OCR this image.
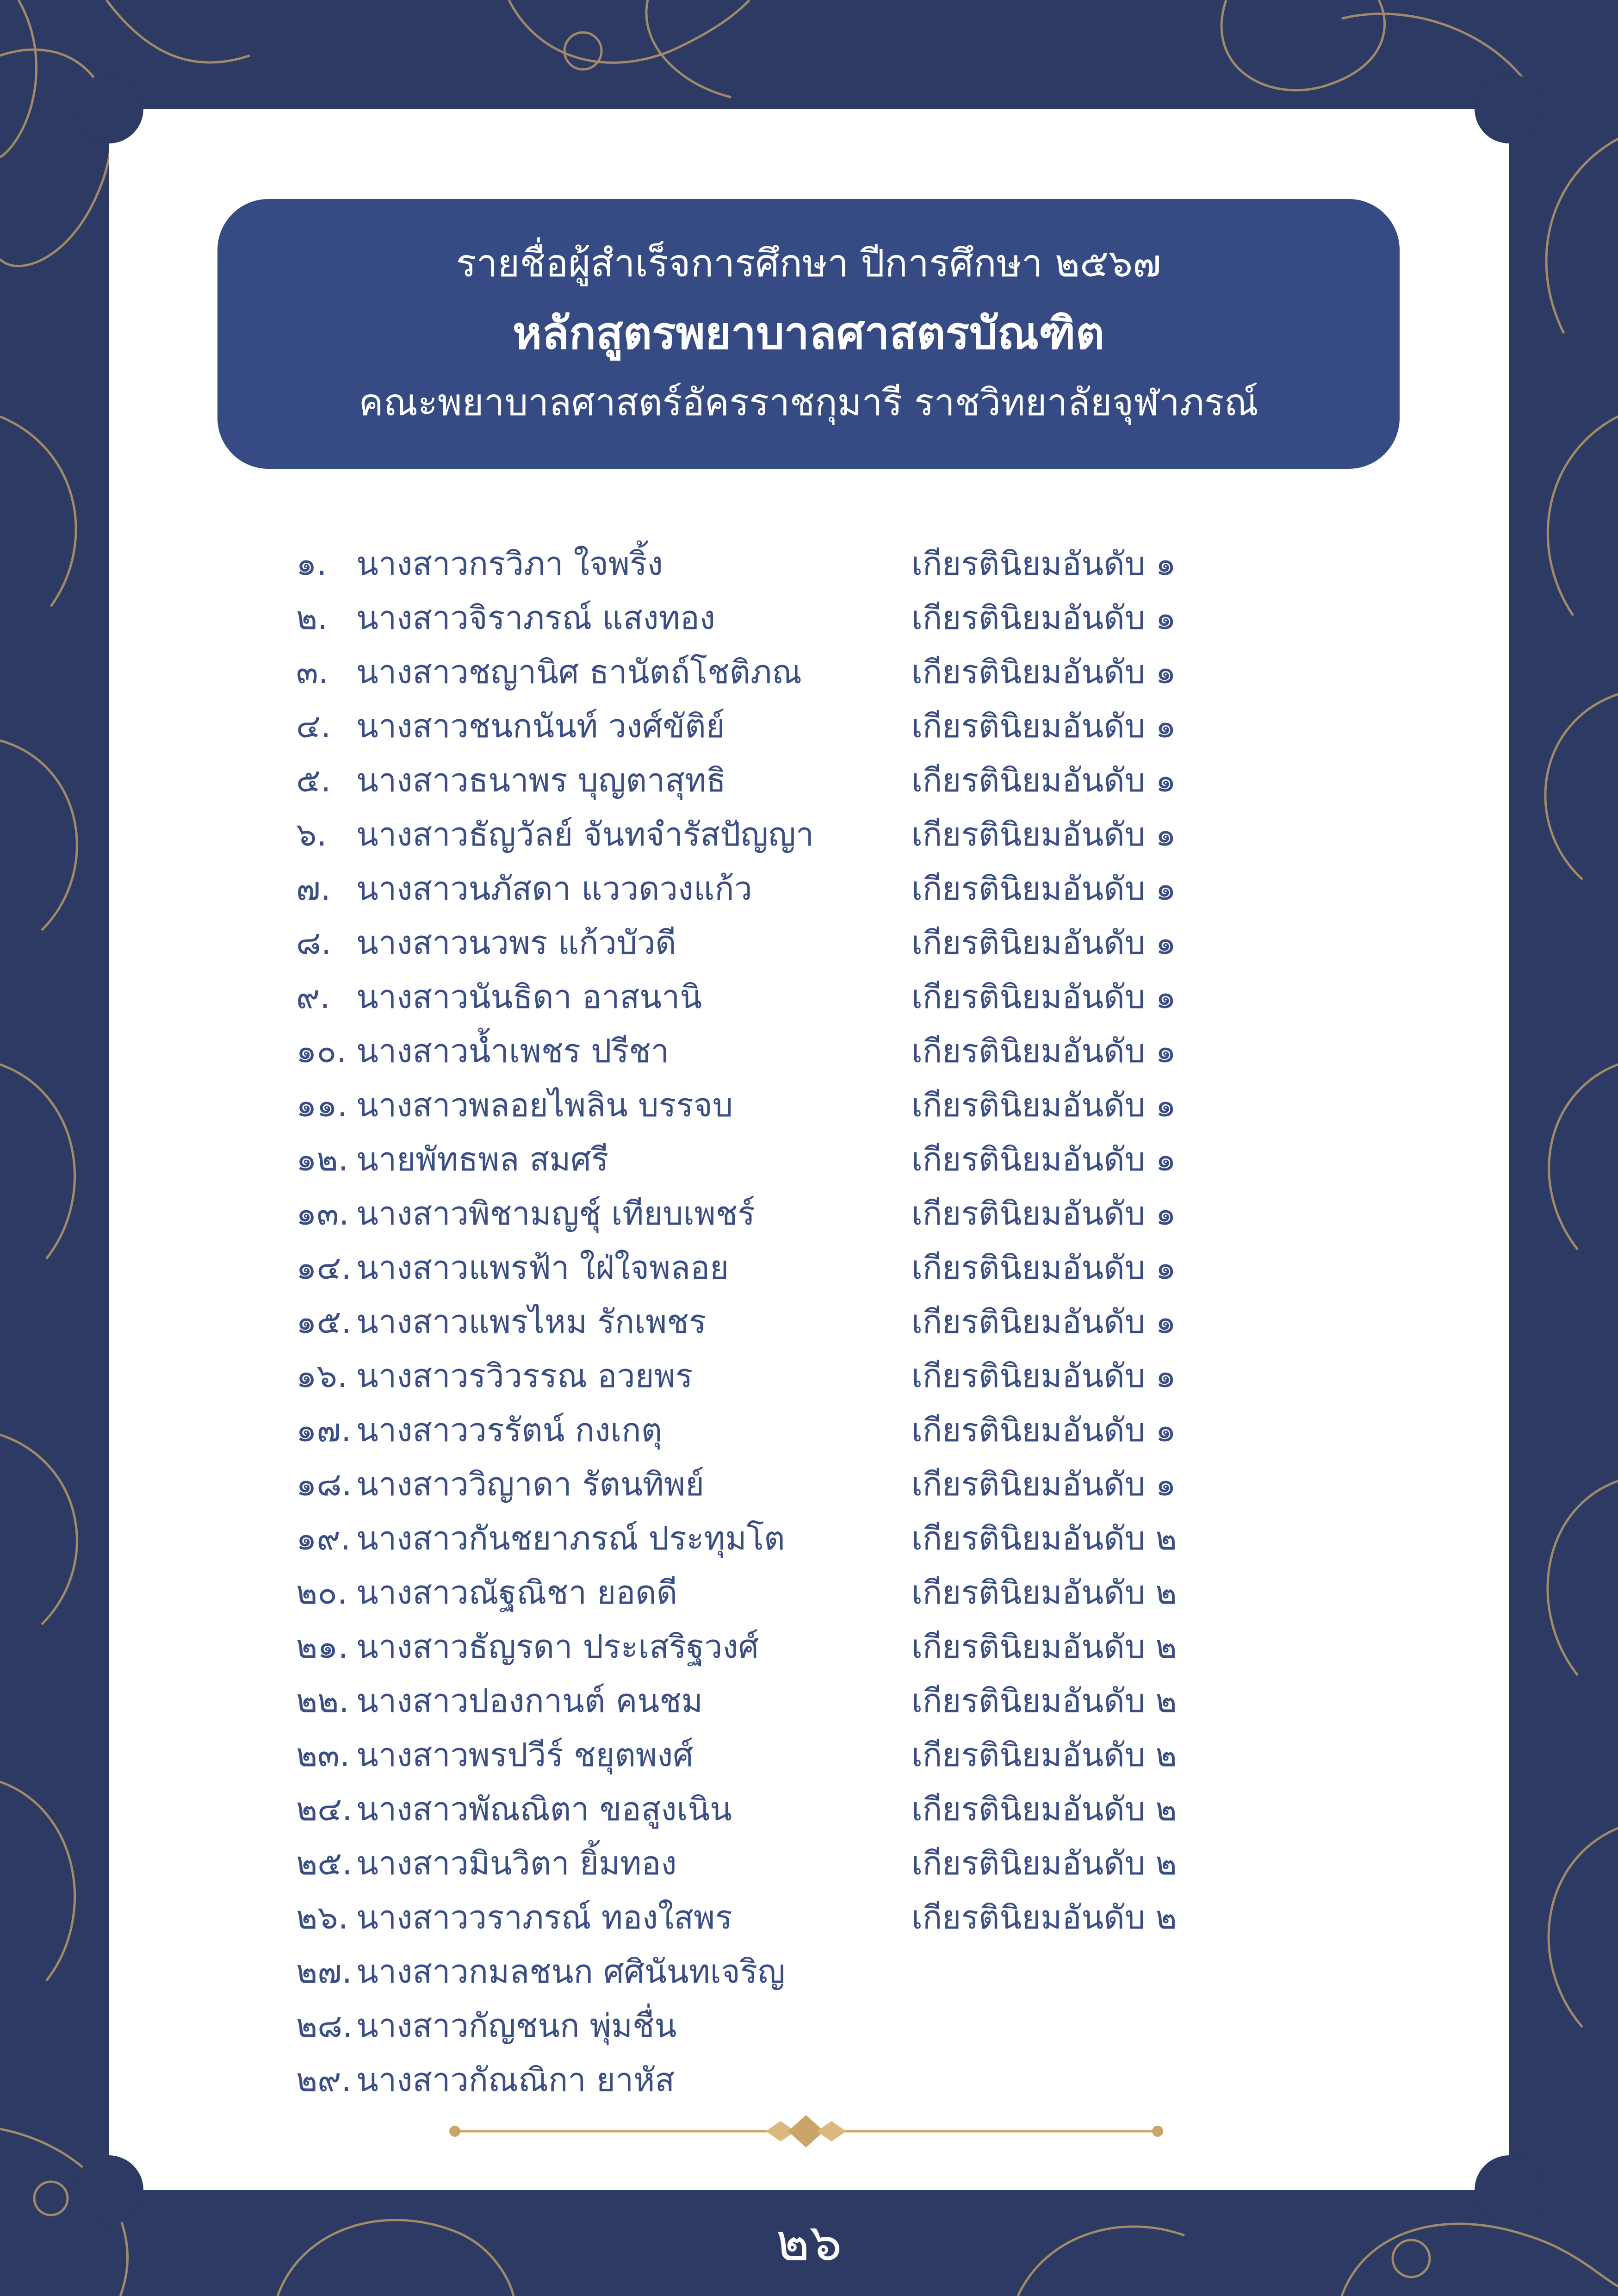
รายชื่อผู้สำเร็จการศึกษา ปีการศึกษา ๒๕๖๗
หลักสูตรพยาบาลศาสตรบัณฑิต
คณะพยาบาลศาสตร์อัครราชกุมารี ราชวิทยาลัยจุฬาภรณ์
๑. นางสาวกรวิภา ใจพริ้ง	เกียรตินิยมอันดับ ๑
๒. นางสาวจิราภรณ์ แสงทอง	เกียรตินิยมอันดับ ๑
๓. นางสาวชญานิศ ธานัตถ์โชติภณ	เกียรตินิยมอันดับ ๑
๔. นางสาวชนกนันท์ วงศ์ขัติย์	เกียรตินิยมอันดับ ๑
๕. นางสาวธนาพร บุญตาสุทธิ	เกียรตินิยมอันดับ ๑
๖. นางสาวธัญวัลย์ จันทจำรัสปัญญา	เกียรตินิยมอันดับ ๑
๗. นางสาวนภัสดา แววดวงแก้ว	เกียรตินิยมอันดับ ๑
๘. นางสาวนวพร แก้วบัวดี	เกียรตินิยมอันดับ ๑
๙. นางสาวนันธิดา อาสนานิ	เกียรตินิยมอันดับ ๑
๑๐. นางสาวน้ำเพชร ปรีชา	เกียรตินิยมอันดับ ๑
๑๑. นางสาวพลอยไพลิน บรรจบ	เกียรตินิยมอันดับ ๑
๑๒. นายพัทธพล สมศรี	เกียรตินิยมอันดับ ๑
๑๓. นางสาวพิชามญชุ์ เทียบเพชร์	เกียรตินิยมอันดับ ๑
๑๔. นางสาวแพรฟ้า ใฝ่ใจพลอย	เกียรตินิยมอันดับ ๑
๑๕. นางสาวแพรไหม รักเพชร	เกียรตินิยมอันดับ ๑
๑๖. นางสาวรวิวรรณ อวยพร	เกียรตินิยมอันดับ ๑
๑๗. นางสาววรรัตน์ กงเกตุ	เกียรตินิยมอันดับ ๑
๑๘. นางสาววิญาดา รัตนทิพย์	เกียรตินิยมอันดับ ๑
๑๙. นางสาวกันชยาภรณ์ ประทุมโต	เกียรตินิยมอันดับ ๒
๒๐. นางสาวณัฐณิชา ยอดดี	เกียรตินิยมอันดับ ๒
๒๑. นางสาวธัญรดา ประเสริฐวงศ์	เกียรตินิยมอันดับ ๒
๒๒. นางสาวปองกานต์ คนชม	เกียรตินิยมอันดับ ๒
๒๓. นางสาวพรปวีร์ ชยุตพงศ์	เกียรตินิยมอันดับ ๒
๒๔. นางสาวพัณณิตา ขอสูงเนิน	เกียรตินิยมอันดับ ๒
๒๕. นางสาวมินวิตา ยิ้มทอง	เกียรตินิยมอันดับ ๒
๒๖. นางสาววราภรณ์ ทองใสพร	เกียรตินิยมอันดับ ๒
๒๗. นางสาวกมลชนก ศศินันทเจริญ
๒๘. นางสาวกัญชนก พุ่มชื่น
๒๙. นางสาวกัณณิกา ยาหัส
๒๖
